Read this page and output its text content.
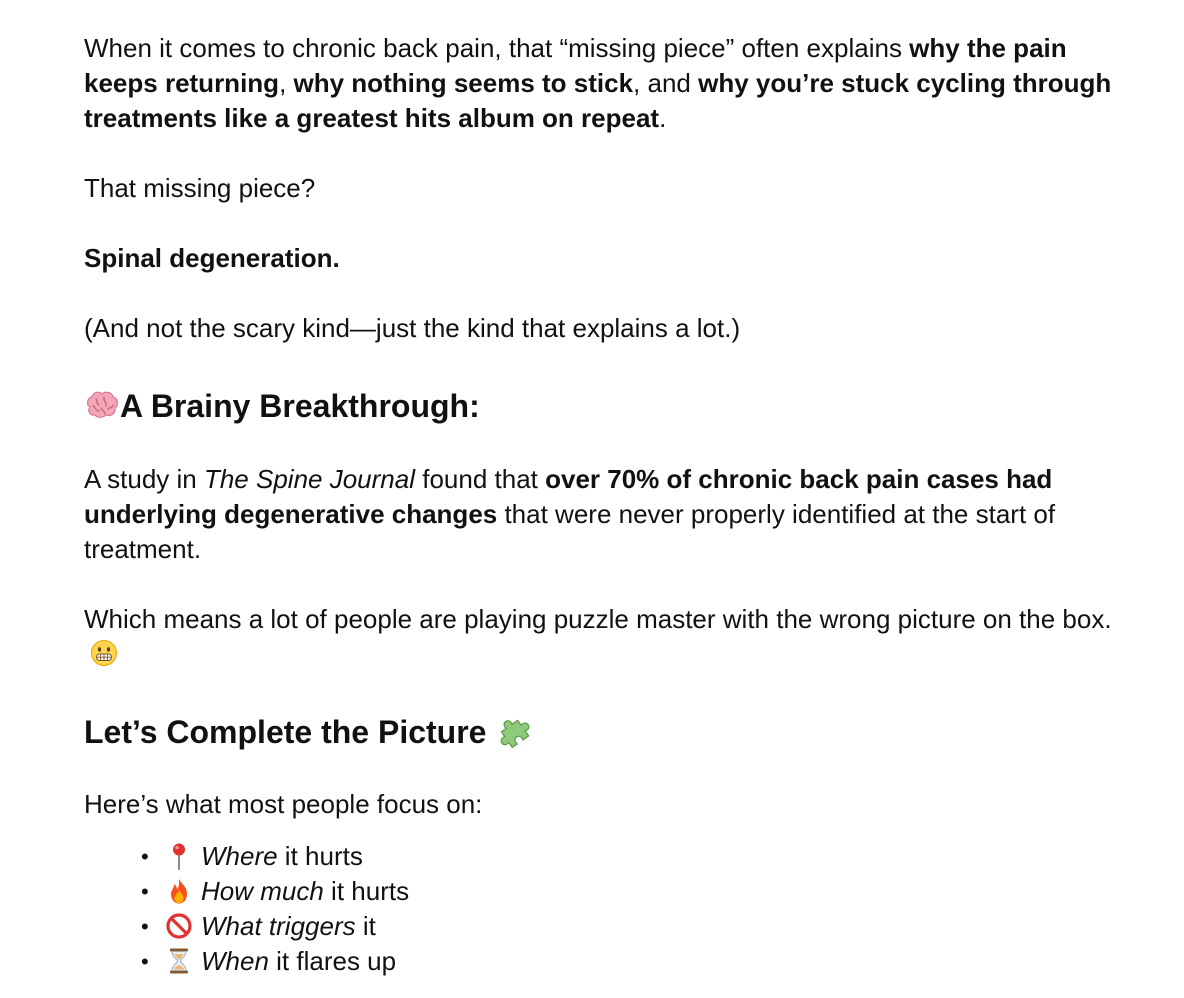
When it comes to chronic back pain, that “missing piece” often explains why the pain keeps returning, why nothing seems to stick, and why you’re stuck cycling through treatments like a greatest hits album on repeat.

That missing piece?

Spinal degeneration.

(And not the scary kind—just the kind that explains a lot.)

A Brainy Breakthrough:

A study in The Spine Journal found that over 70% of chronic back pain cases had underlying degenerative changes that were never properly identified at the start of treatment.

Which means a lot of people are playing puzzle master with the wrong picture on the box.

Let’s Complete the Picture

Here’s what most people focus on:

• Where it hurts
• How much it hurts
• What triggers it
• When it flares up
